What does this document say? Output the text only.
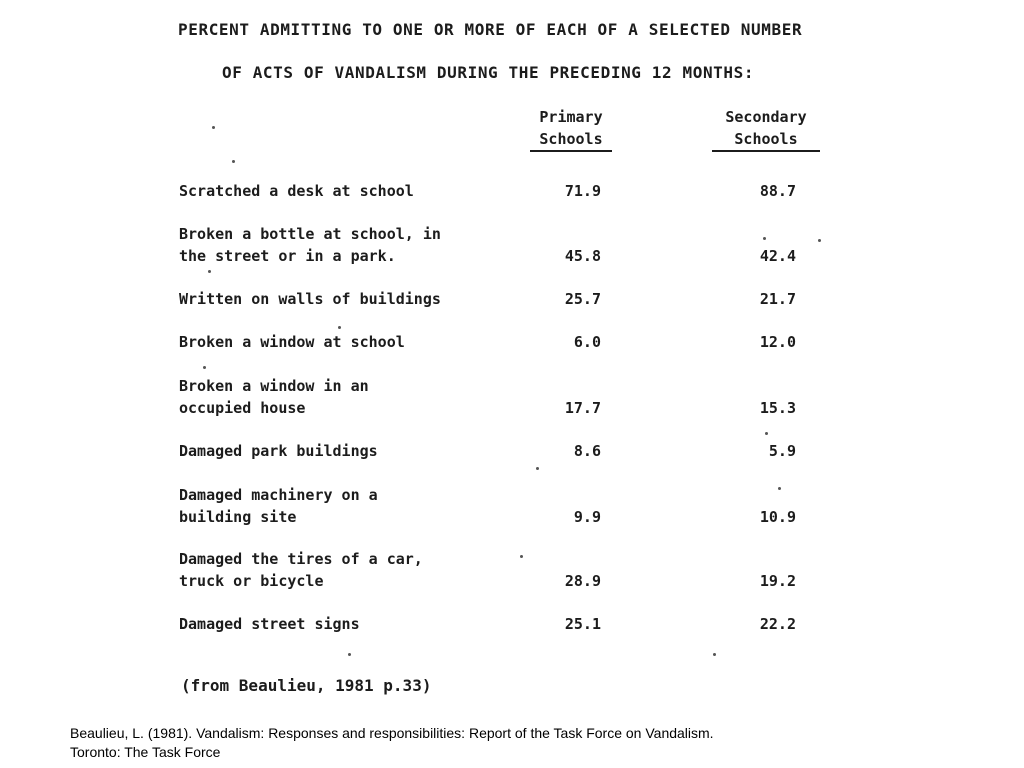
PERCENT ADMITTING TO ONE OR MORE OF EACH OF A SELECTED NUMBER
OF ACTS OF VANDALISM DURING THE PRECEDING 12 MONTHS:
Primary
Schools
Secondary
Schools
Scratched a desk at school	71.9	88.7
Broken a bottle at school, in
the street or in a park.	45.8	42.4
Written on walls of buildings	25.7	21.7
Broken a window at school	6.0	12.0
Broken a window in an
occupied house	17.7	15.3
Damaged park buildings	8.6	5.9
Damaged machinery on a
building site	9.9	10.9
Damaged the tires of a car,
truck or bicycle	28.9	19.2
Damaged street signs	25.1	22.2
(from Beaulieu, 1981 p.33)
Beaulieu, L. (1981). Vandalism: Responses and responsibilities: Report of the Task Force on Vandalism.
Toronto: The Task Force
